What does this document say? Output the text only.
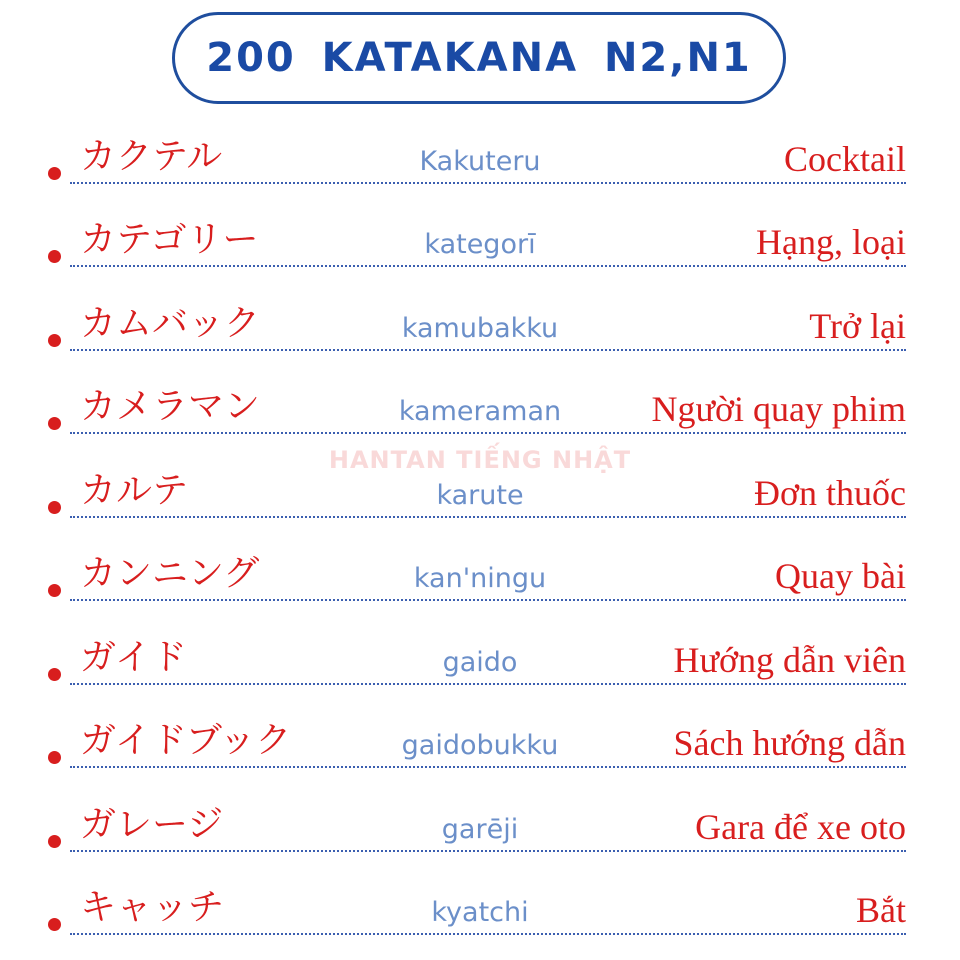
200 KATAKANA N2,N1
HANTAN TIẾNG NHẬT
カクテル	Kakuteru	Cocktail
カテゴリー	kategorī	Hạng, loại
カムバック	kamubakku	Trở lại
カメラマン	kameraman	Người quay phim
カルテ	karute	Đơn thuốc
カンニング	kan'ningu	Quay bài
ガイド	gaido	Hướng dẫn viên
ガイドブック	gaidobukku	Sách hướng dẫn
ガレージ	garēji	Gara để xe oto
キャッチ	kyatchi	Bắt
